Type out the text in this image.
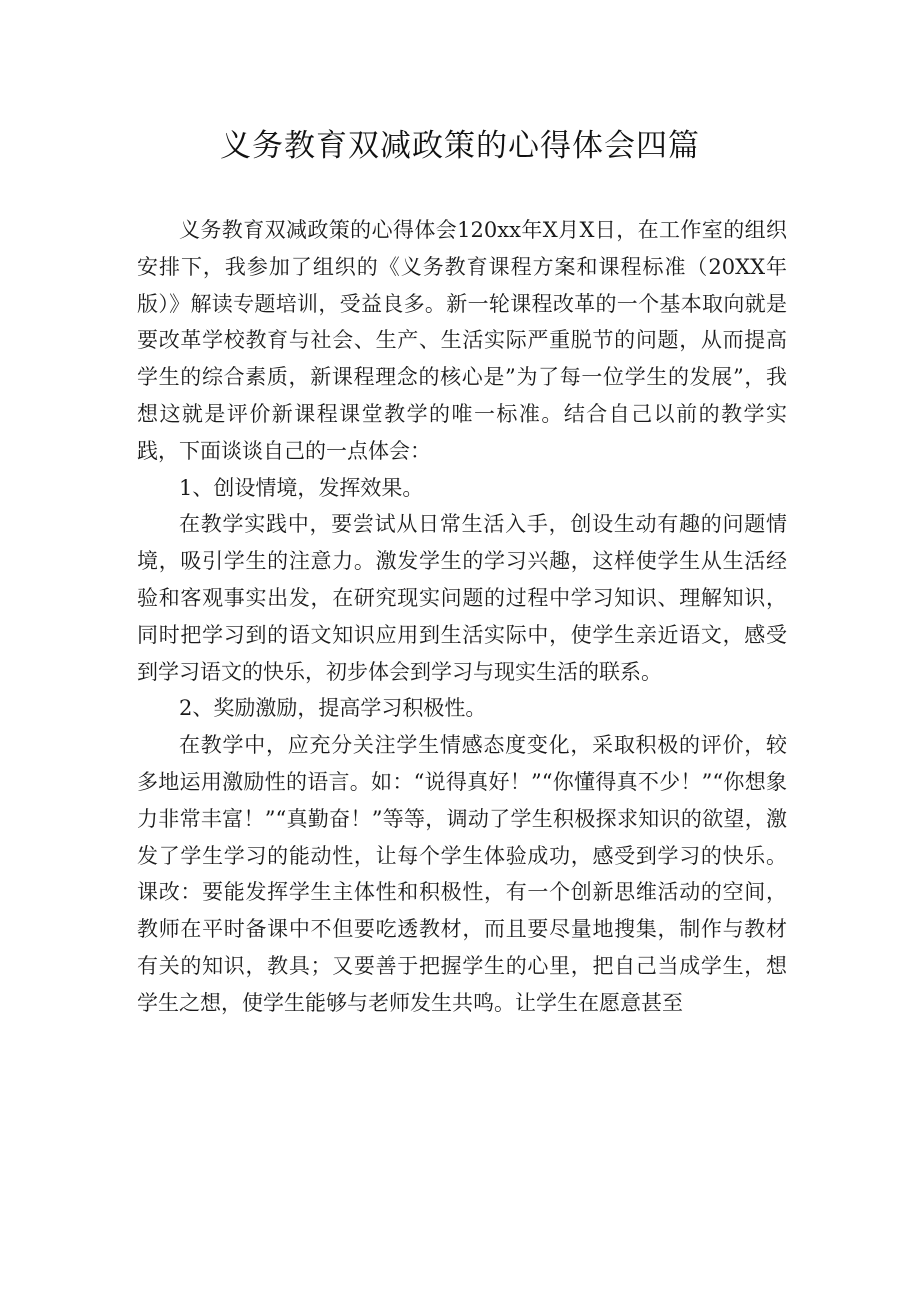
义务教育双减政策的心得体会四篇

义务教育双减政策的心得体会120xx年X月X日，在工作室的组织安排下，我参加了组织的《义务教育课程方案和课程标准（20XX年版）》解读专题培训，受益良多。新一轮课程改革的一个基本取向就是要改革学校教育与社会、生产、生活实际严重脱节的问题，从而提高学生的综合素质，新课程理念的核心是”为了每一位学生的发展”，我想这就是评价新课程课堂教学的唯一标准。结合自己以前的教学实践，下面谈谈自己的一点体会：

1、创设情境，发挥效果。

在教学实践中，要尝试从日常生活入手，创设生动有趣的问题情境，吸引学生的注意力。激发学生的学习兴趣，这样使学生从生活经验和客观事实出发，在研究现实问题的过程中学习知识、理解知识，同时把学习到的语文知识应用到生活实际中，使学生亲近语文，感受到学习语文的快乐，初步体会到学习与现实生活的联系。

2、奖励激励，提高学习积极性。

在教学中，应充分关注学生情感态度变化，采取积极的评价，较多地运用激励性的语言。如：“说得真好！”“你懂得真不少！”“你想象力非常丰富！”“真勤奋！”等等，调动了学生积极探求知识的欲望，激发了学生学习的能动性，让每个学生体验成功，感受到学习的快乐。课改：要能发挥学生主体性和积极性，有一个创新思维活动的空间，教师在平时备课中不但要吃透教材，而且要尽量地搜集，制作与教材有关的知识，教具；又要善于把握学生的心里，把自己当成学生，想学生之想，使学生能够与老师发生共鸣。让学生在愿意甚至
